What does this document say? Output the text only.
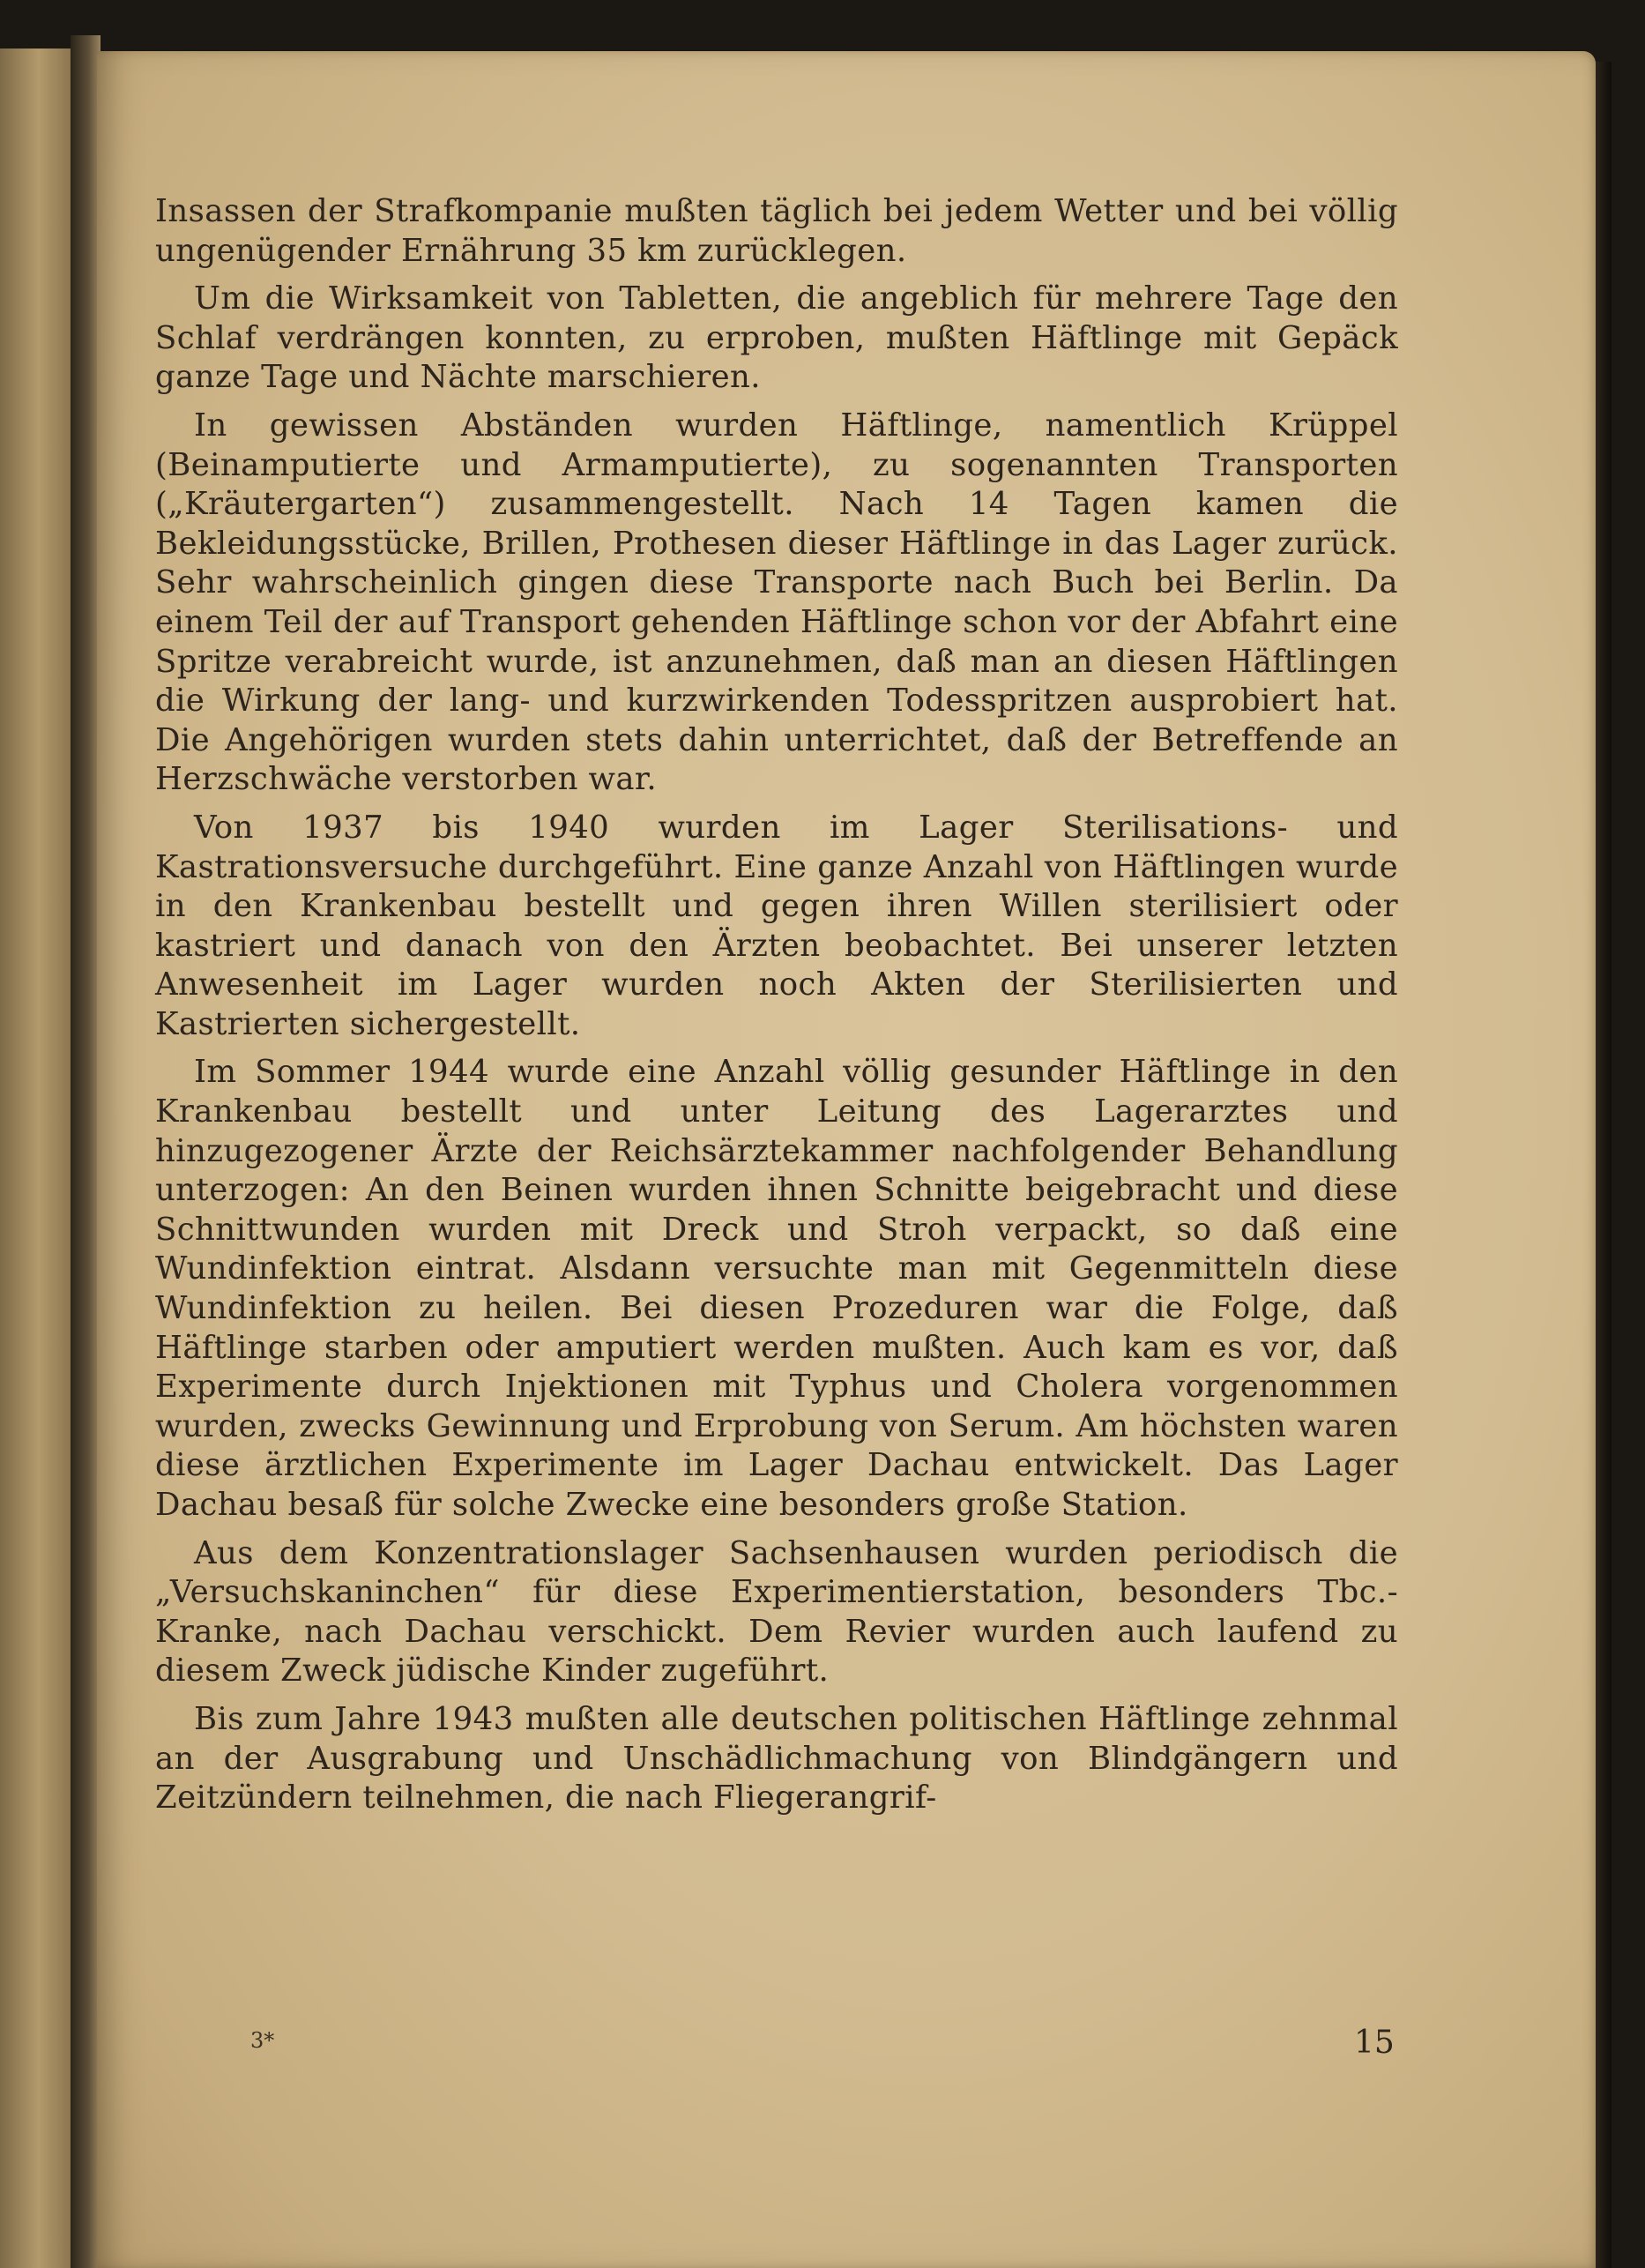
Insassen der Strafkompanie mußten täglich bei jedem Wetter und bei völlig ungenügender Ernährung 35 km zurücklegen.

Um die Wirksamkeit von Tabletten, die angeblich für mehrere Tage den Schlaf verdrängen konnten, zu erproben, mußten Häftlinge mit Gepäck ganze Tage und Nächte marschieren.

In gewissen Abständen wurden Häftlinge, namentlich Krüppel (Beinamputierte und Armamputierte), zu sogenannten Transporten („Kräutergarten“) zusammengestellt. Nach 14 Tagen kamen die Bekleidungsstücke, Brillen, Prothesen dieser Häftlinge in das Lager zurück. Sehr wahrscheinlich gingen diese Transporte nach Buch bei Berlin. Da einem Teil der auf Transport gehenden Häftlinge schon vor der Abfahrt eine Spritze verabreicht wurde, ist anzunehmen, daß man an diesen Häftlingen die Wirkung der lang- und kurzwirkenden Todesspritzen ausprobiert hat. Die Angehörigen wurden stets dahin unterrichtet, daß der Betreffende an Herzschwäche verstorben war.

Von 1937 bis 1940 wurden im Lager Sterilisations- und Kastrationsversuche durchgeführt. Eine ganze Anzahl von Häftlingen wurde in den Krankenbau bestellt und gegen ihren Willen sterilisiert oder kastriert und danach von den Ärzten beobachtet. Bei unserer letzten Anwesenheit im Lager wurden noch Akten der Sterilisierten und Kastrierten sichergestellt.

Im Sommer 1944 wurde eine Anzahl völlig gesunder Häftlinge in den Krankenbau bestellt und unter Leitung des Lagerarztes und hinzugezogener Ärzte der Reichsärztekammer nachfolgender Behandlung unterzogen: An den Beinen wurden ihnen Schnitte beigebracht und diese Schnittwunden wurden mit Dreck und Stroh verpackt, so daß eine Wundinfektion eintrat. Alsdann versuchte man mit Gegenmitteln diese Wundinfektion zu heilen. Bei diesen Prozeduren war die Folge, daß Häftlinge starben oder amputiert werden mußten. Auch kam es vor, daß Experimente durch Injektionen mit Typhus und Cholera vorgenommen wurden, zwecks Gewinnung und Erprobung von Serum. Am höchsten waren diese ärztlichen Experimente im Lager Dachau entwickelt. Das Lager Dachau besaß für solche Zwecke eine besonders große Station.

Aus dem Konzentrationslager Sachsenhausen wurden periodisch die „Versuchskaninchen“ für diese Experimentierstation, besonders Tbc.-Kranke, nach Dachau verschickt. Dem Revier wurden auch laufend zu diesem Zweck jüdische Kinder zugeführt.

Bis zum Jahre 1943 mußten alle deutschen politischen Häftlinge zehnmal an der Ausgrabung und Unschädlichmachung von Blindgängern und Zeitzündern teilnehmen, die nach Fliegerangrif-

3*	15
